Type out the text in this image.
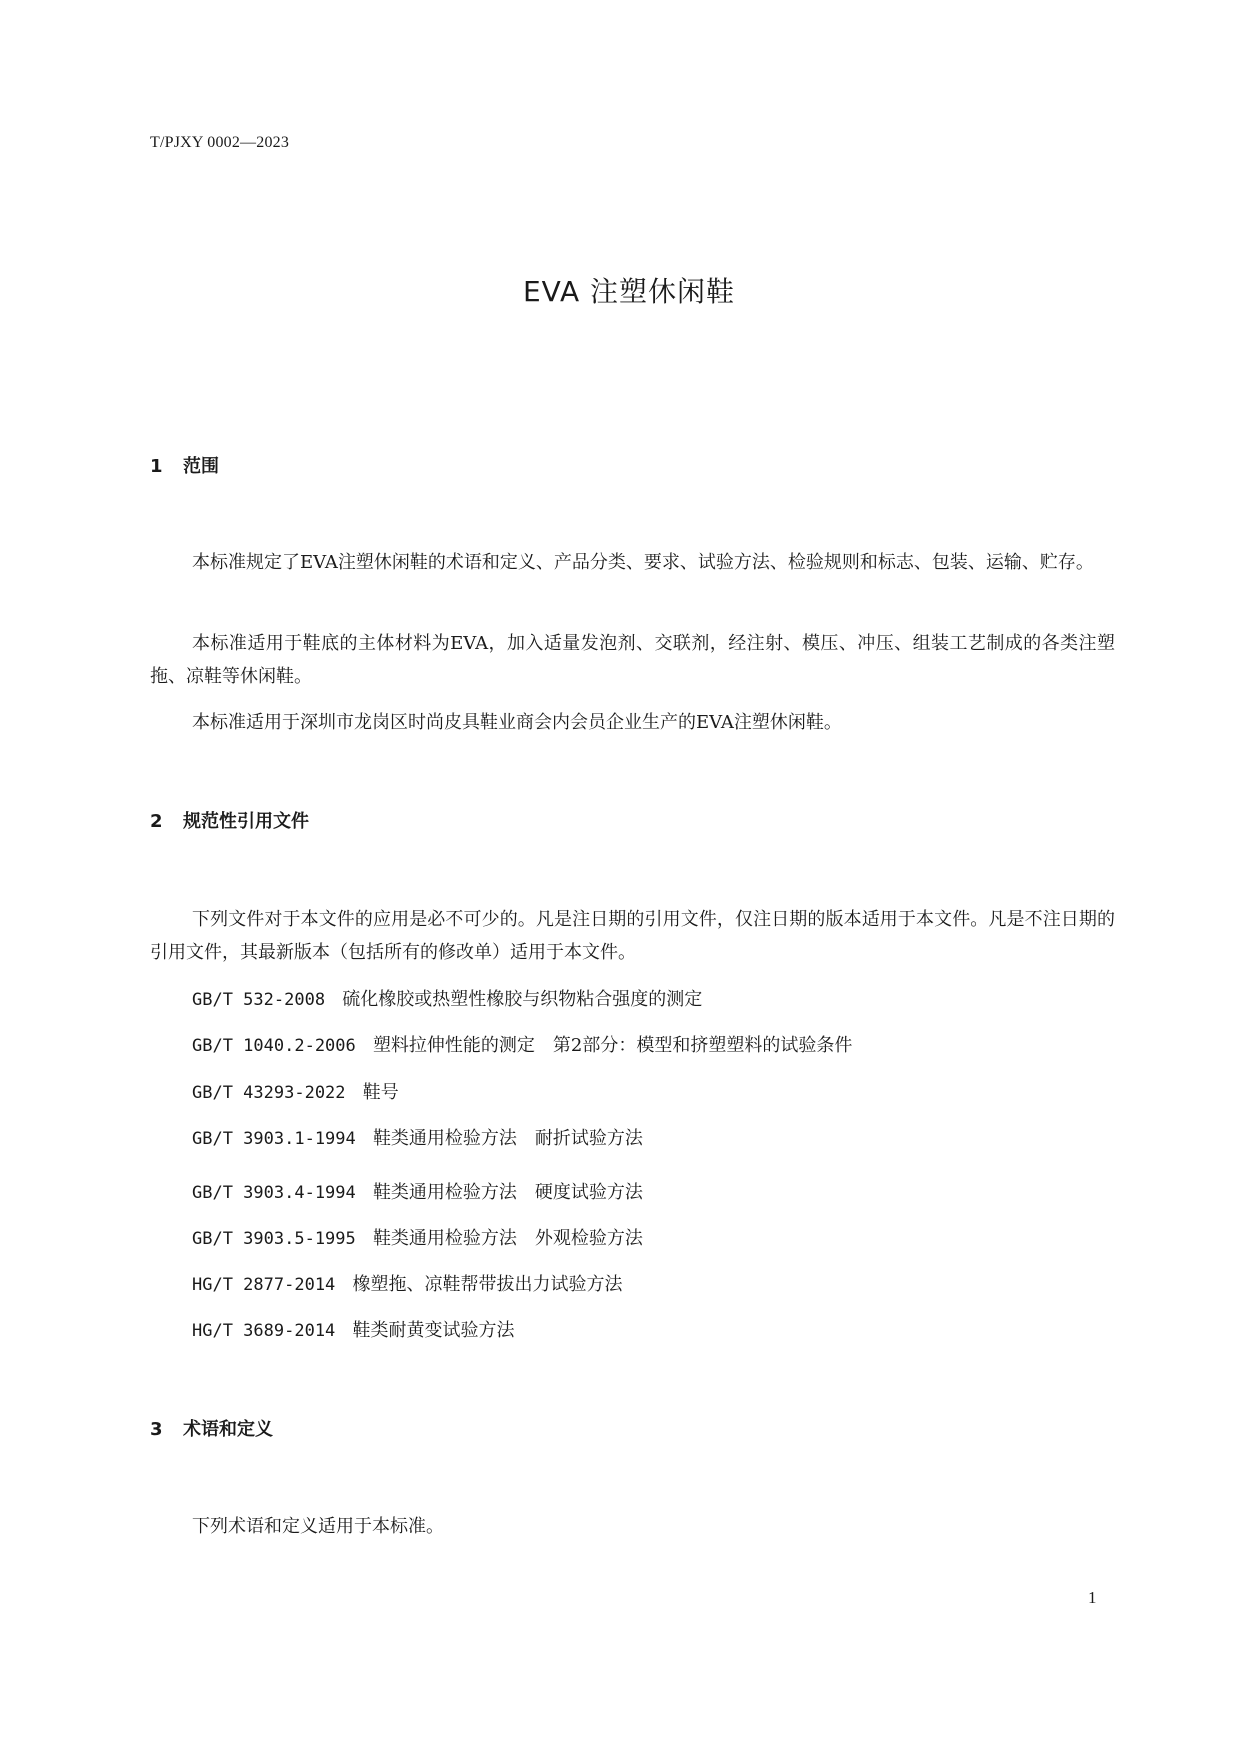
T/PJXY 0002—2023
EVA 注塑休闲鞋
1 范围
本标准规定了EVA注塑休闲鞋的术语和定义、产品分类、要求、试验方法、检验规则和标志、包装、运输、贮存。
本标准适用于鞋底的主体材料为EVA，加入适量发泡剂、交联剂，经注射、模压、冲压、组装工艺制成的各类注塑拖、凉鞋等休闲鞋。
本标准适用于深圳市龙岗区时尚皮具鞋业商会内会员企业生产的EVA注塑休闲鞋。
2 规范性引用文件
下列文件对于本文件的应用是必不可少的。凡是注日期的引用文件，仅注日期的版本适用于本文件。凡是不注日期的引用文件，其最新版本（包括所有的修改单）适用于本文件。
GB/T 532-2008 硫化橡胶或热塑性橡胶与织物粘合强度的测定
GB/T 1040.2-2006 塑料拉伸性能的测定　第2部分：模型和挤塑塑料的试验条件
GB/T 43293-2022 鞋号
GB/T 3903.1-1994 鞋类通用检验方法　耐折试验方法
GB/T 3903.4-1994 鞋类通用检验方法　硬度试验方法
GB/T 3903.5-1995 鞋类通用检验方法　外观检验方法
HG/T 2877-2014 橡塑拖、凉鞋帮带拔出力试验方法
HG/T 3689-2014 鞋类耐黄变试验方法
3 术语和定义
下列术语和定义适用于本标准。
1
